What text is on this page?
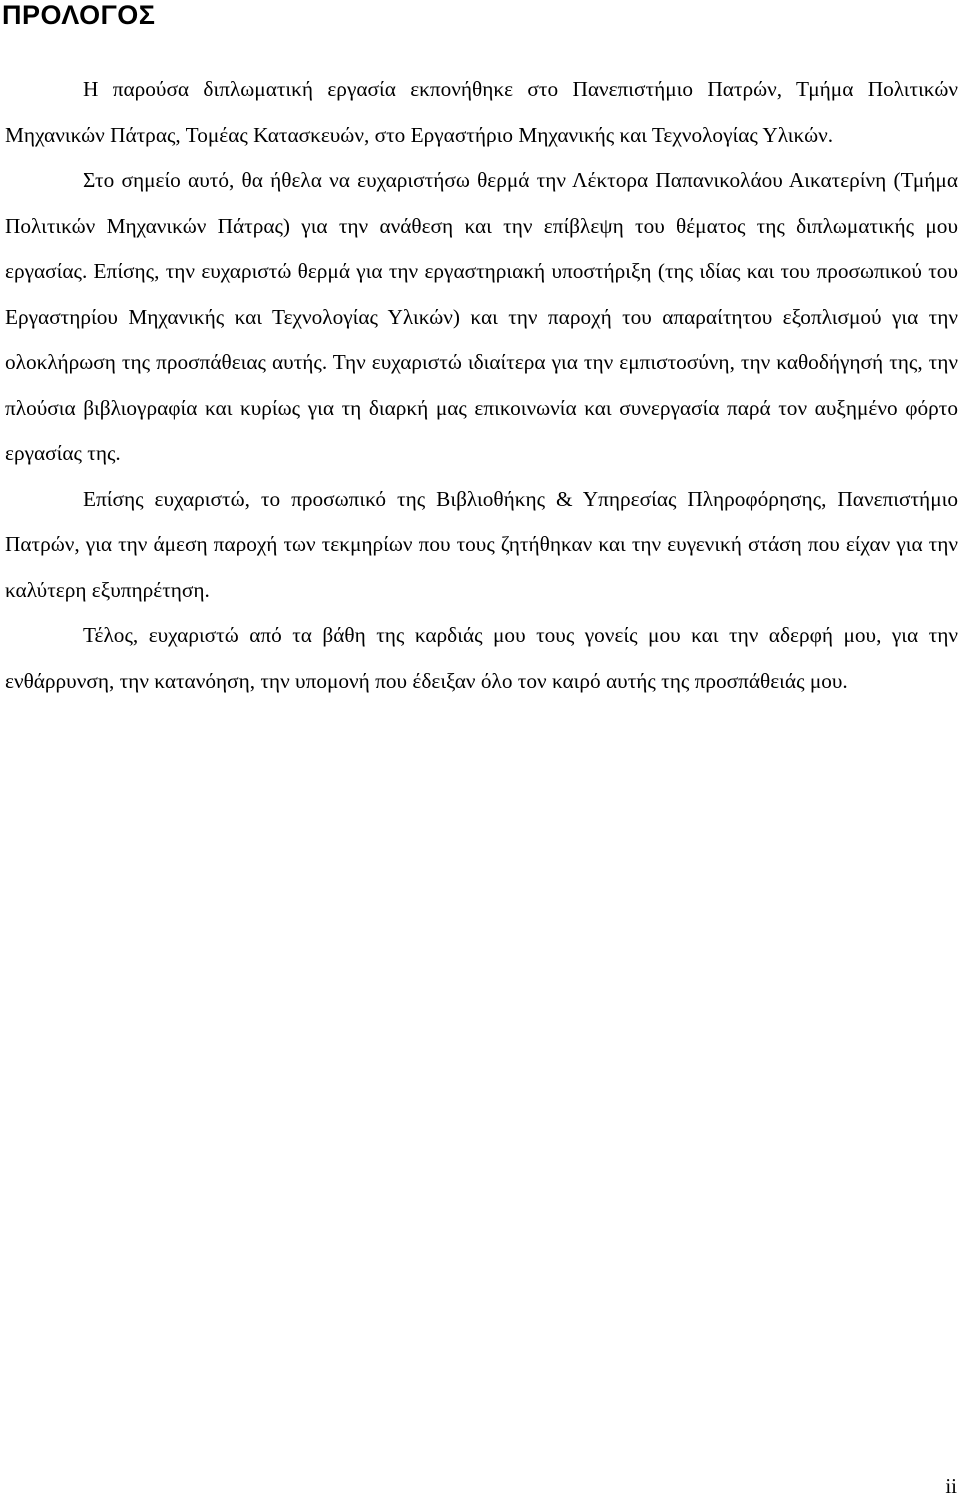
ΠΡΟΛΟΓΟΣ

Η παρούσα διπλωματική εργασία εκπονήθηκε στο Πανεπιστήμιο Πατρών, Τμήμα Πολιτικών Μηχανικών Πάτρας, Τομέας Κατασκευών, στο Εργαστήριο Μηχανικής και Τεχνολογίας Υλικών.

Στο σημείο αυτό, θα ήθελα να ευχαριστήσω θερμά την Λέκτορα Παπανικολάου Αικατερίνη (Τμήμα Πολιτικών Μηχανικών Πάτρας) για την ανάθεση και την επίβλεψη του θέματος της διπλωματικής μου εργασίας. Επίσης, την ευχαριστώ θερμά για την εργαστηριακή υποστήριξη (της ιδίας και του προσωπικού του Εργαστηρίου Μηχανικής και Τεχνολογίας Υλικών) και την παροχή του απαραίτητου εξοπλισμού για την ολοκλήρωση της προσπάθειας αυτής. Την ευχαριστώ ιδιαίτερα για την εμπιστοσύνη, την καθοδήγησή της, την πλούσια βιβλιογραφία και κυρίως για τη διαρκή μας επικοινωνία και συνεργασία παρά τον αυξημένο φόρτο εργασίας της.

Επίσης ευχαριστώ, το προσωπικό της Βιβλιοθήκης & Υπηρεσίας Πληροφόρησης, Πανεπιστήμιο Πατρών, για την άμεση παροχή των τεκμηρίων που τους ζητήθηκαν και την ευγενική στάση που είχαν για την καλύτερη εξυπηρέτηση.

Τέλος, ευχαριστώ από τα βάθη της καρδιάς μου τους γονείς μου και την αδερφή μου, για την ενθάρρυνση, την κατανόηση, την υπομονή που έδειξαν όλο τον καιρό αυτής της προσπάθειάς μου.

ii
